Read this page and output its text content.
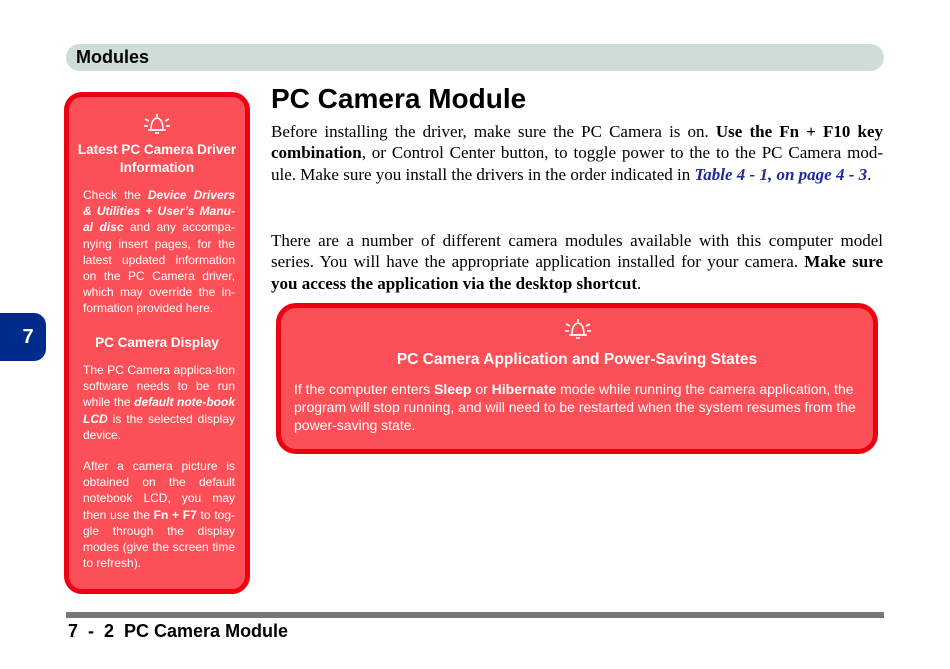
Modules
7
Latest PC Camera Driver Information
Check the Device Drivers & Utilities + User’s Manu-al disc and any accompa-nying insert pages, for the latest updated information on the PC Camera driver, which may override the in-formation provided here.
PC Camera Display
The PC Camera applica-tion software needs to be run while the default note-book LCD is the selected display device.
After a camera picture is obtained on the default notebook LCD, you may then use the Fn + F7 to tog-gle through the display modes (give the screen time to refresh).
PC Camera Module
Before installing the driver, make sure the PC Camera is on. Use the Fn + F10 key combination, or Control Center button, to toggle power to the to the PC Camera mod-ule. Make sure you install the drivers in the order indicated in Table 4 - 1, on page 4 - 3.
There are a number of different camera modules available with this computer model series. You will have the appropriate application installed for your camera. Make sure you access the application via the desktop shortcut.
PC Camera Application and Power-Saving States
If the computer enters Sleep or Hibernate mode while running the camera application, the program will stop running, and will need to be restarted when the system resumes from the power-saving state.
7  -  2  PC Camera Module
